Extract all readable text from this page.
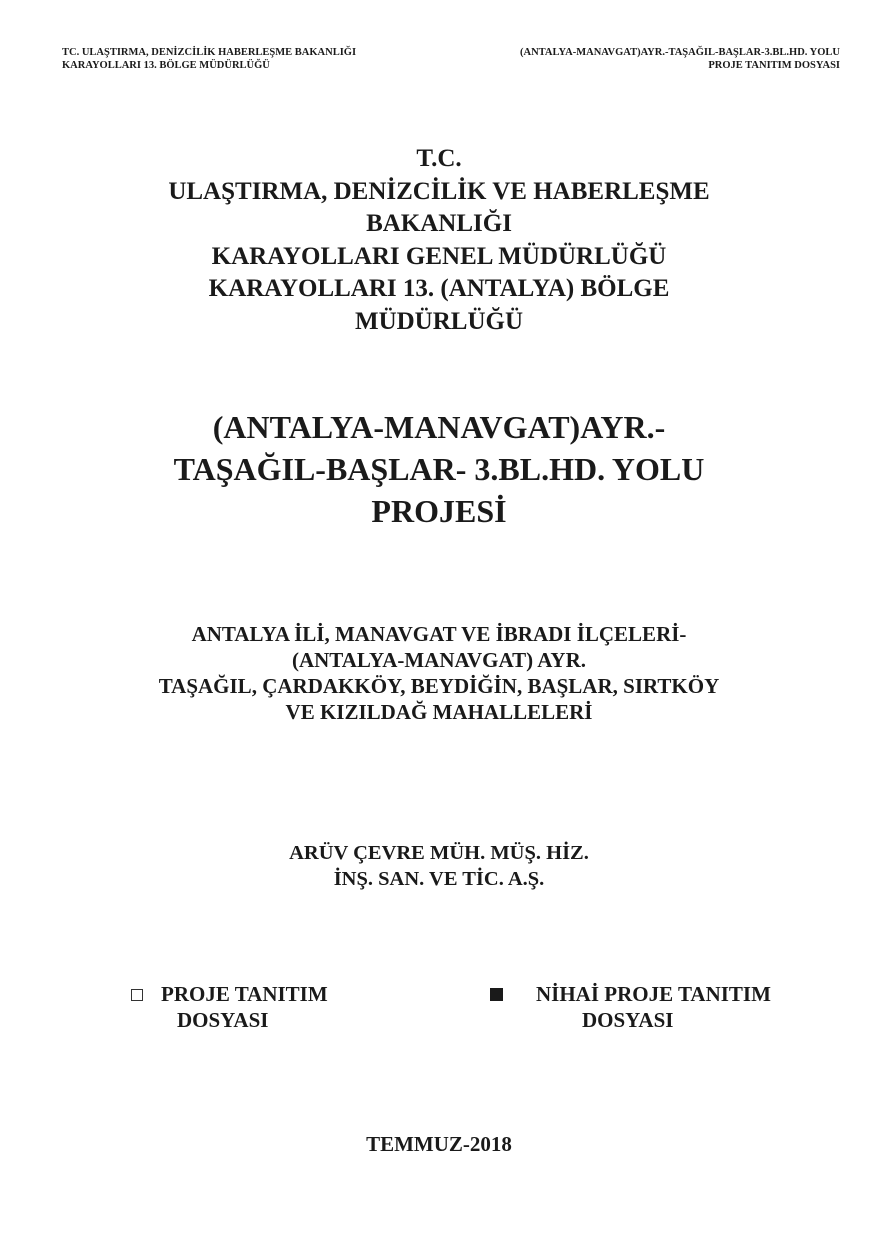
TC. ULAŞTIRMA, DENİZCİLİK HABERLEŞME BAKANLIĞI
KARAYOLLARI 13. BÖLGE MÜDÜRLÜĞÜ
(ANTALYA-MANAVGAT)AYR.-TAŞAĞIL-BAŞLAR-3.BL.HD. YOLU
PROJE TANITIM DOSYASI
T.C.
ULAŞTIRMA, DENİZCİLİK VE HABERLEŞME
BAKANLIĞI
KARAYOLLARI GENEL MÜDÜRLÜĞÜ
KARAYOLLARI 13. (ANTALYA) BÖLGE
MÜDÜRLÜĞÜ
(ANTALYA-MANAVGAT)AYR.-
TAŞAĞIL-BAŞLAR- 3.BL.HD. YOLU
PROJESİ
ANTALYA İLİ, MANAVGAT VE İBRADI İLÇELERİ-
(ANTALYA-MANAVGAT) AYR.
TAŞAĞIL, ÇARDAKKÖY, BEYDİĞİN, BAŞLAR, SIRTKÖY
VE KIZILDAĞ MAHALLELERİ
ARÜV ÇEVRE MÜH. MÜŞ. HİZ.
İNŞ. SAN. VE TİC. A.Ş.
PROJE TANITIM
DOSYASI
NİHAİ PROJE TANITIM
DOSYASI
TEMMUZ-2018
